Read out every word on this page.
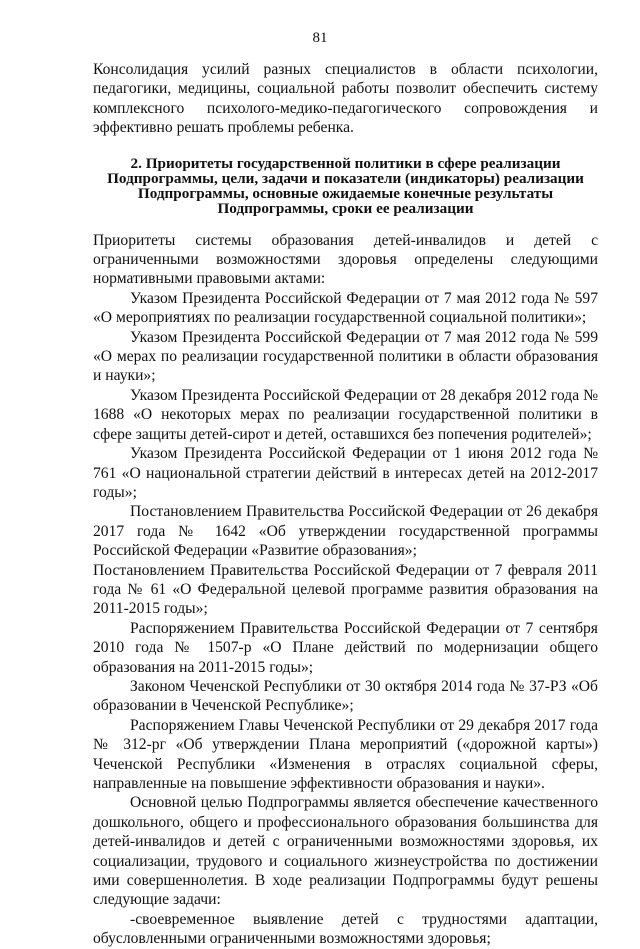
81

Консолидация усилий разных специалистов в области психологии, педагогики, медицины, социальной работы позволит обеспечить систему комплексного психолого-медико-педагогического сопровождения и эффективно решать проблемы ребенка.

2. Приоритеты государственной политики в сфере реализации
Подпрограммы, цели, задачи и показатели (индикаторы) реализации
Подпрограммы, основные ожидаемые конечные результаты
Подпрограммы, сроки ее реализации

Приоритеты системы образования детей-инвалидов и детей с ограниченными возможностями здоровья определены следующими нормативными правовыми актами:

Указом Президента Российской Федерации от 7 мая 2012 года № 597 «О мероприятиях по реализации государственной социальной политики»;

Указом Президента Российской Федерации от 7 мая 2012 года № 599 «О мерах по реализации государственной политики в области образования и науки»;

Указом Президента Российской Федерации от 28 декабря 2012 года № 1688 «О некоторых мерах по реализации государственной политики в сфере защиты детей-сирот и детей, оставшихся без попечения родителей»;

Указом Президента Российской Федерации от 1 июня 2012 года № 761 «О национальной стратегии действий в интересах детей на 2012-2017 годы»;

Постановлением Правительства Российской Федерации от 26 декабря 2017 года № 1642 «Об утверждении государственной программы Российской Федерации «Развитие образования»;

Постановлением Правительства Российской Федерации от 7 февраля 2011 года № 61 «О Федеральной целевой программе развития образования на 2011-2015 годы»;

Распоряжением Правительства Российской Федерации от 7 сентября 2010 года № 1507-р «О Плане действий по модернизации общего образования на 2011-2015 годы»;

Законом Чеченской Республики от 30 октября 2014 года № 37-РЗ «Об образовании в Чеченской Республике»;

Распоряжением Главы Чеченской Республики от 29 декабря 2017 года № 312-рг «Об утверждении Плана мероприятий («дорожной карты») Чеченской Республики «Изменения в отраслях социальной сферы, направленные на повышение эффективности образования и науки».

Основной целью Подпрограммы является обеспечение качественного дошкольного, общего и профессионального образования большинства для детей-инвалидов и детей с ограниченными возможностями здоровья, их социализации, трудового и социального жизнеустройства по достижении ими совершеннолетия. В ходе реализации Подпрограммы будут решены следующие задачи:

-своевременное выявление детей с трудностями адаптации, обусловленными ограниченными возможностями здоровья;
